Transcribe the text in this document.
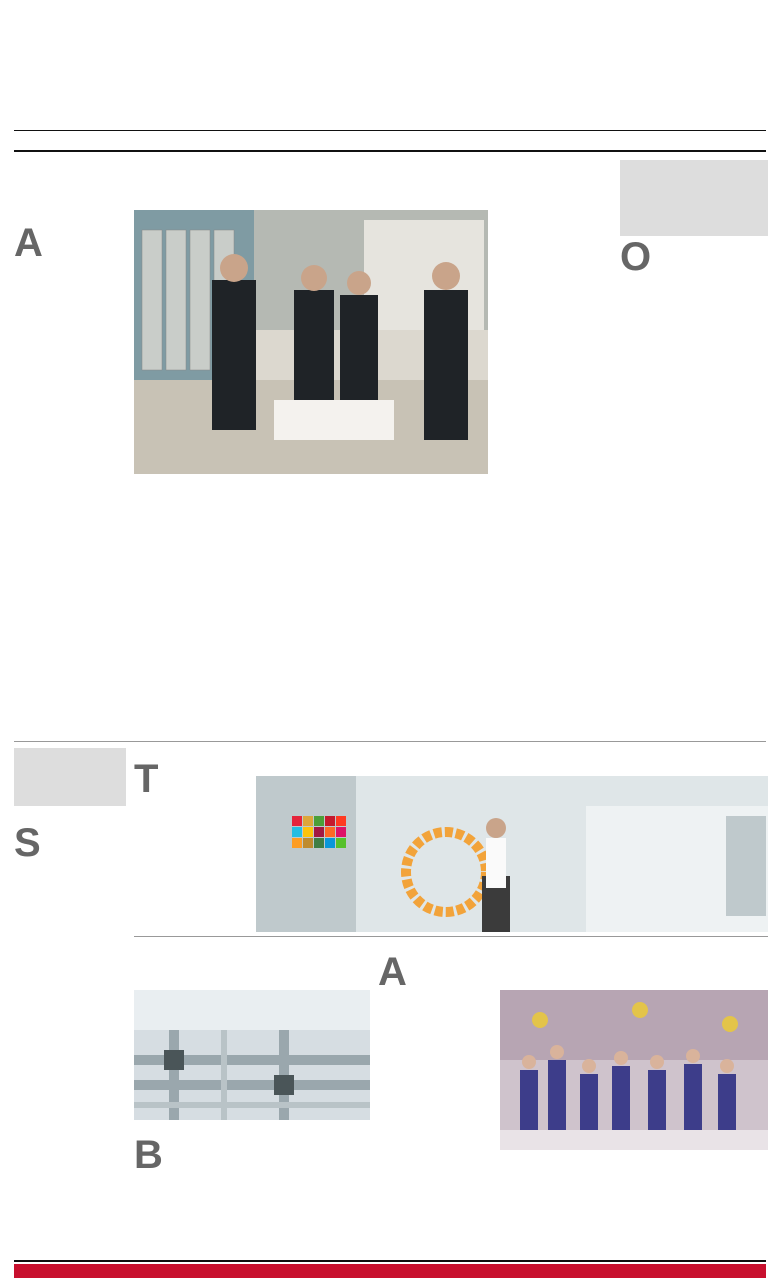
A	O
S
T
B
A
